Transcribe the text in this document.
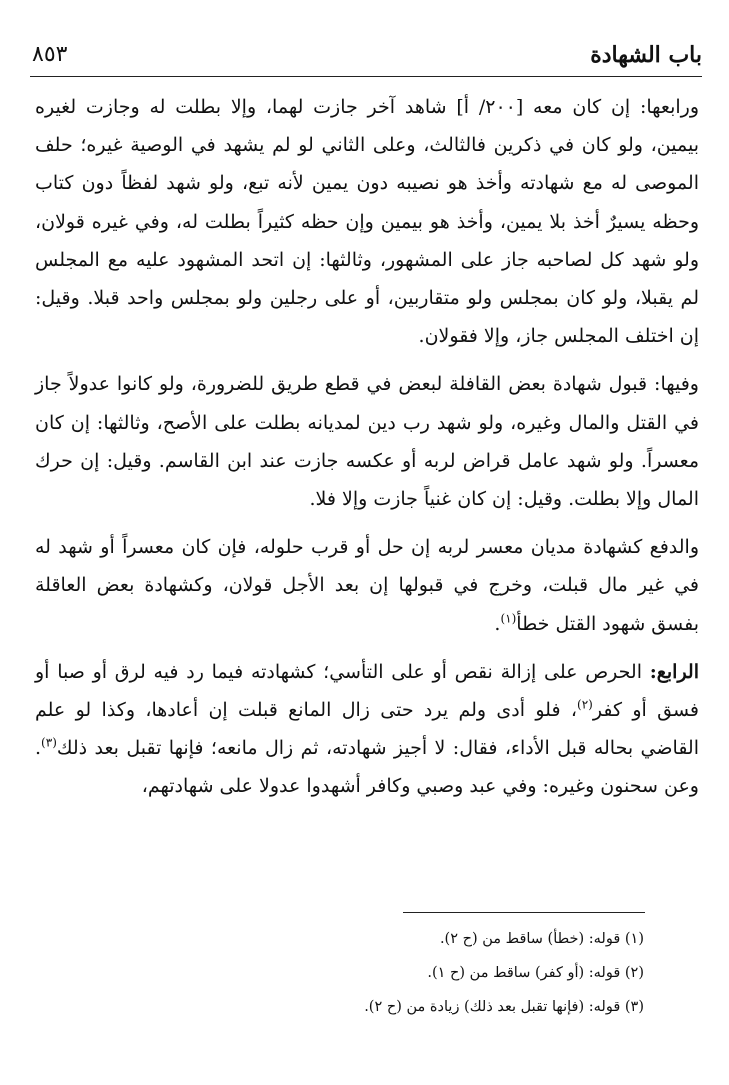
باب الشهادة
٨٥٣

ورابعها: إن كان معه [٢٠٠/ أ] شاهد آخر جازت لهما، وإلا بطلت له وجازت لغيره بيمين، ولو كان في ذكرين فالثالث، وعلى الثاني لو لم يشهد في الوصية غيره؛ حلف الموصى له مع شهادته وأخذ هو نصيبه دون يمين لأنه تبع، ولو شهد لفظاً دون كتاب وحظه يسيرٌ أخذ بلا يمين، وأخذ هو بيمين وإن حظه كثيراً بطلت له، وفي غيره قولان، ولو شهد كل لصاحبه جاز على المشهور، وثالثها: إن اتحد المشهود عليه مع المجلس لم يقبلا، ولو كان بمجلس ولو متقاربين، أو على رجلين ولو بمجلس واحد قبلا. وقيل: إن اختلف المجلس جاز، وإلا فقولان.

وفيها: قبول شهادة بعض القافلة لبعض في قطع طريق للضرورة، ولو كانوا عدولاً جاز في القتل والمال وغيره، ولو شهد رب دين لمديانه بطلت على الأصح، وثالثها: إن كان معسراً. ولو شهد عامل قراض لربه أو عكسه جازت عند ابن القاسم. وقيل: إن حرك المال وإلا بطلت. وقيل: إن كان غنياً جازت وإلا فلا.

والدفع كشهادة مديان معسر لربه إن حل أو قرب حلوله، فإن كان معسراً أو شهد له في غير مال قبلت، وخرج في قبولها إن بعد الأجل قولان، وكشهادة بعض العاقلة بفسق شهود القتل خطأ$^{(١)}$.

الرابع: الحرص على إزالة نقص أو على التأسي؛ كشهادته فيما رد فيه لرق أو صبا أو فسق أو كفر$^{(٢)}$، فلو أدى ولم يرد حتى زال المانع قبلت إن أعادها، وكذا لو علم القاضي بحاله قبل الأداء، فقال: لا أجيز شهادته، ثم زال مانعه؛ فإنها تقبل بعد ذلك$^{(٣)}$. وعن سحنون وغيره: وفي عبد وصبي وكافر أشهدوا عدولا على شهادتهم،

(١) قوله: (خطأ) ساقط من (ح ٢).

(٢) قوله: (أو كفر) ساقط من (ح ١).

(٣) قوله: (فإنها تقبل بعد ذلك) زيادة من (ح ٢).
